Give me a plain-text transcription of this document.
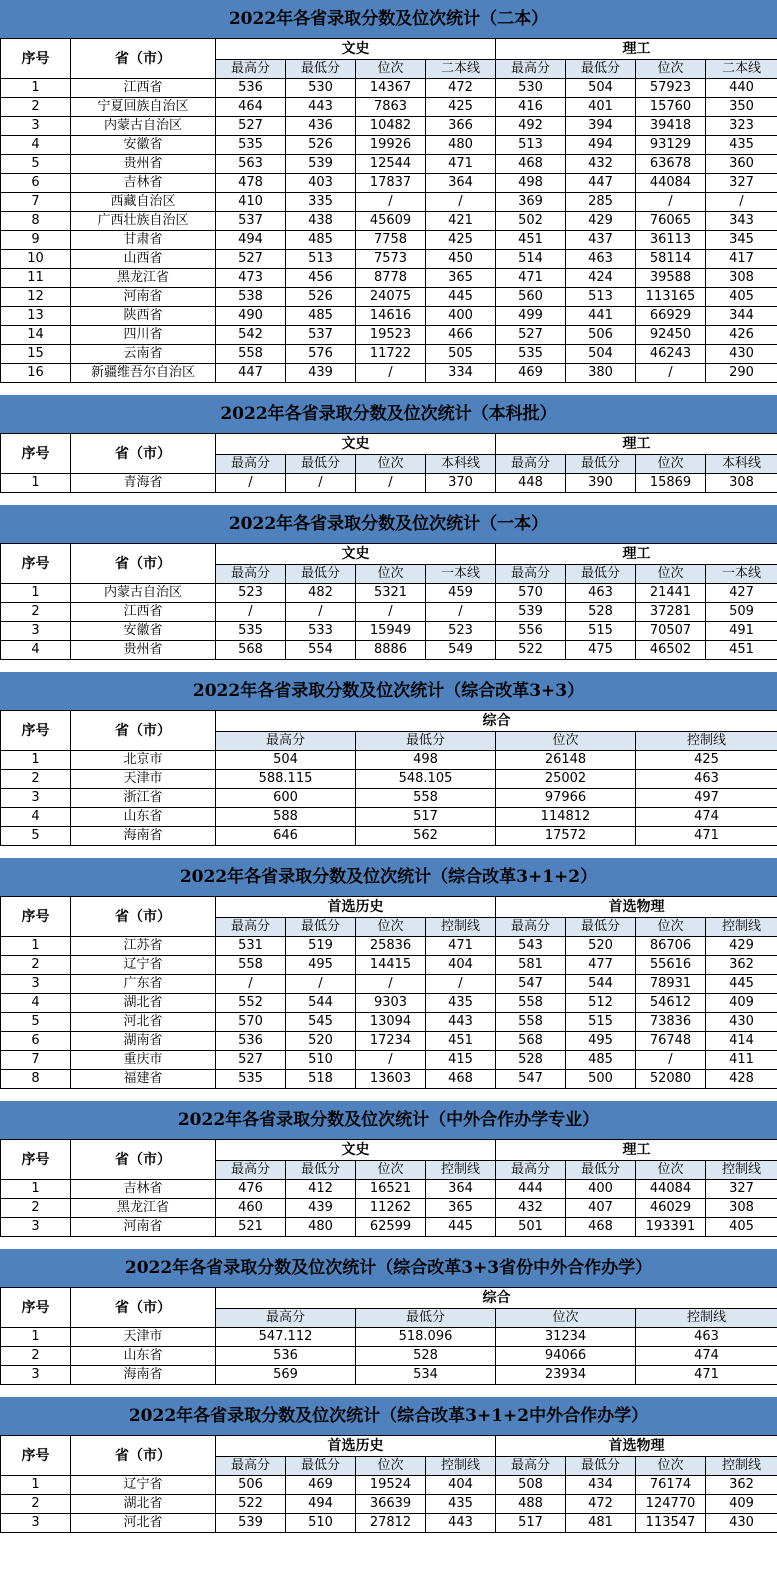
2022年各省录取分数及位次统计（二本）
序号	省（市）	文史				理工			
		最高分	最低分	位次	二本线	最高分	最低分	位次	二本线
1	江西省	536	530	14367	472	530	504	57923	440
2	宁夏回族自治区	464	443	7863	425	416	401	15760	350
3	内蒙古自治区	527	436	10482	366	492	394	39418	323
4	安徽省	535	526	19926	480	513	494	93129	435
5	贵州省	563	539	12544	471	468	432	63678	360
6	吉林省	478	403	17837	364	498	447	44084	327
7	西藏自治区	410	335	/	/	369	285	/	/
8	广西壮族自治区	537	438	45609	421	502	429	76065	343
9	甘肃省	494	485	7758	425	451	437	36113	345
10	山西省	527	513	7573	450	514	463	58114	417
11	黑龙江省	473	456	8778	365	471	424	39588	308
12	河南省	538	526	24075	445	560	513	113165	405
13	陕西省	490	485	14616	400	499	441	66929	344
14	四川省	542	537	19523	466	527	506	92450	426
15	云南省	558	576	11722	505	535	504	46243	430
16	新疆维吾尔自治区	447	439	/	334	469	380	/	290
2022年各省录取分数及位次统计（本科批）
序号	省（市）	文史				理工			
		最高分	最低分	位次	本科线	最高分	最低分	位次	本科线
1	青海省	/	/	/	370	448	390	15869	308
2022年各省录取分数及位次统计（一本）
序号	省（市）	文史				理工			
		最高分	最低分	位次	一本线	最高分	最低分	位次	一本线
1	内蒙古自治区	523	482	5321	459	570	463	21441	427
2	江西省	/	/	/	/	539	528	37281	509
3	安徽省	535	533	15949	523	556	515	70507	491
4	贵州省	568	554	8886	549	522	475	46502	451
2022年各省录取分数及位次统计（综合改革3+3）
序号	省（市）	综合			
		最高分	最低分	位次	控制线
1	北京市	504	498	26148	425
2	天津市	588.115	548.105	25002	463
3	浙江省	600	558	97966	497
4	山东省	588	517	114812	474
5	海南省	646	562	17572	471
2022年各省录取分数及位次统计（综合改革3+1+2）
序号	省（市）	首选历史				首选物理			
		最高分	最低分	位次	控制线	最高分	最低分	位次	控制线
1	江苏省	531	519	25836	471	543	520	86706	429
2	辽宁省	558	495	14415	404	581	477	55616	362
3	广东省	/	/	/	/	547	544	78931	445
4	湖北省	552	544	9303	435	558	512	54612	409
5	河北省	570	545	13094	443	558	515	73836	430
6	湖南省	536	520	17234	451	568	495	76748	414
7	重庆市	527	510	/	415	528	485	/	411
8	福建省	535	518	13603	468	547	500	52080	428
2022年各省录取分数及位次统计（中外合作办学专业）
序号	省（市）	文史				理工			
		最高分	最低分	位次	控制线	最高分	最低分	位次	控制线
1	吉林省	476	412	16521	364	444	400	44084	327
2	黑龙江省	460	439	11262	365	432	407	46029	308
3	河南省	521	480	62599	445	501	468	193391	405
2022年各省录取分数及位次统计（综合改革3+3省份中外合作办学）
序号	省（市）	综合			
		最高分	最低分	位次	控制线
1	天津市	547.112	518.096	31234	463
2	山东省	536	528	94066	474
3	海南省	569	534	23934	471
2022年各省录取分数及位次统计（综合改革3+1+2中外合作办学）
序号	省（市）	首选历史				首选物理			
		最高分	最低分	位次	控制线	最高分	最低分	位次	控制线
1	辽宁省	506	469	19524	404	508	434	76174	362
2	湖北省	522	494	36639	435	488	472	124770	409
3	河北省	539	510	27812	443	517	481	113547	430
